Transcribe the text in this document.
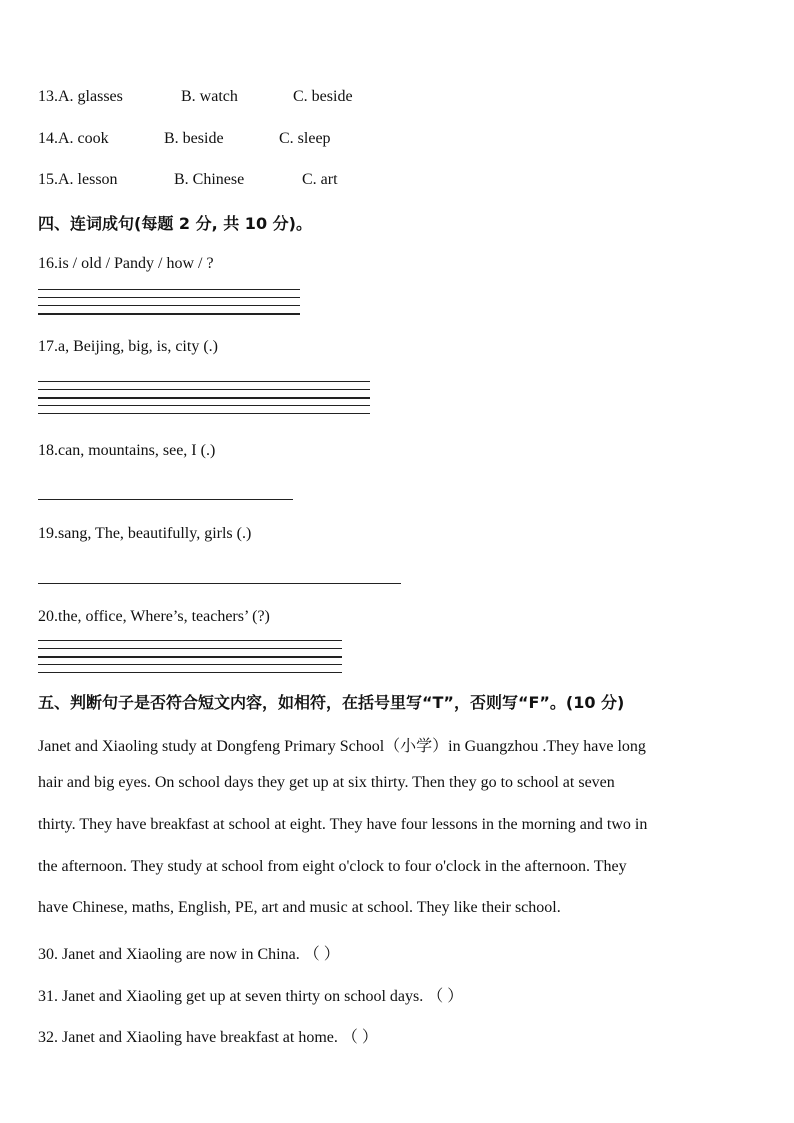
13.A. glasses	B. watch	C. beside
14.A. cook	B. beside	C. sleep
15.A. lesson	B. Chinese	C. art
四、连词成句(每题 2 分, 共 10 分)。
16.is / old / Pandy / how / ?
17.a, Beijing, big, is, city (.)
18.can, mountains, see, I (.)
19.sang, The, beautifully, girls (.)
20.the, office, Where’s, teachers’ (?)
五、判断句子是否符合短文内容，如相符，在括号里写“T”，否则写“F”。(10 分)
Janet and Xiaoling study at Dongfeng Primary School（小学）in Guangzhou .They have long
hair and big eyes. On school days they get up at six thirty. Then they go to school at seven
thirty. They have breakfast at school at eight. They have four lessons in the morning and two in
the afternoon. They study at school from eight o'clock to four o'clock in the afternoon. They
have Chinese, maths, English, PE, art and music at school. They like their school.
30. Janet and Xiaoling are now in China. （ ）
31. Janet and Xiaoling get up at seven thirty on school days. （ ）
32. Janet and Xiaoling have breakfast at home. （ ）
